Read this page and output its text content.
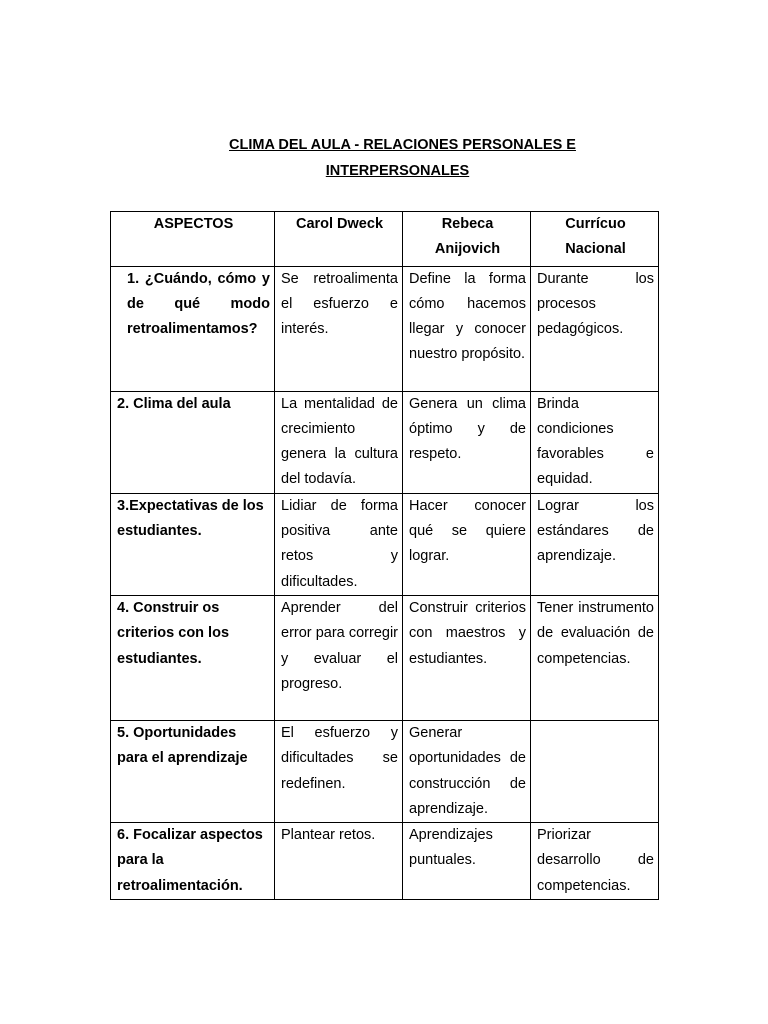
CLIMA DEL AULA - RELACIONES PERSONALES E
INTERPERSONALES
ASPECTOS	Carol Dweck	Rebeca Anijovich	Currícuo Nacional
1. ¿Cuándo, cómo y de qué modo retroalimentamos?	Se retroalimenta el esfuerzo e interés.	Define la forma cómo hacemos llegar y conocer nuestro propósito.	Durante los procesos pedagógicos.
2. Clima del aula	La mentalidad de crecimiento genera la cultura del todavía.	Genera un clima óptimo y de respeto.	Brinda condiciones favorables e equidad.
3.Expectativas de los estudiantes.	Lidiar de forma positiva ante retos y dificultades.	Hacer conocer qué se quiere lograr.	Lograr los estándares de aprendizaje.
4. Construir os criterios con los estudiantes.	Aprender del error para corregir y evaluar el progreso.	Construir criterios con maestros y estudiantes.	Tener instrumento de evaluación de competencias.
5. Oportunidades para el aprendizaje	El esfuerzo y dificultades se redefinen.	Generar oportunidades de construcción de aprendizaje.	
6. Focalizar aspectos para la retroalimentación.	Plantear retos.	Aprendizajes puntuales.	Priorizar desarrollo de competencias.
